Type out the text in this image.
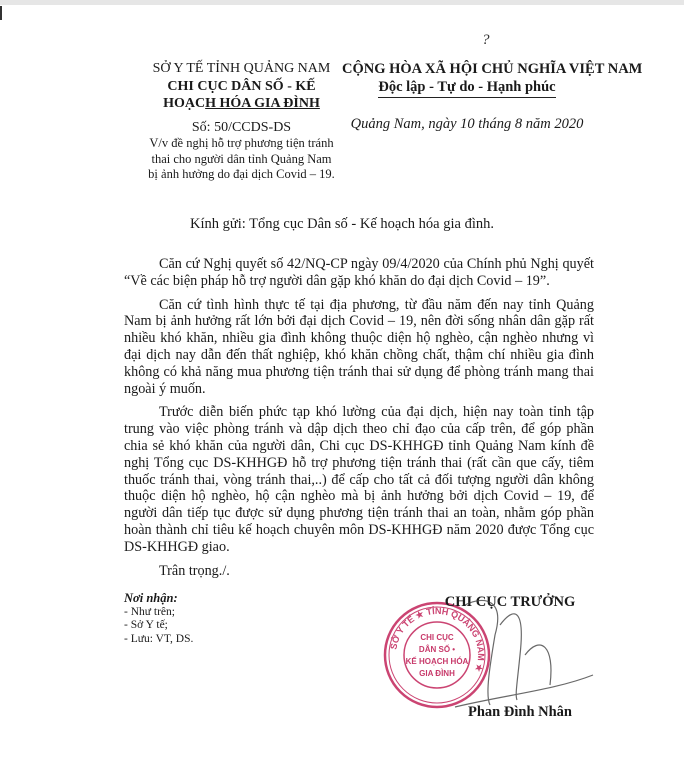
?
SỞ Y TẾ TỈNH QUẢNG NAM
CHI CỤC DÂN SỐ - KẾ
HOẠCH HÓA GIA ĐÌNH
Số: 50/CCDS-DS
V/v đề nghị hỗ trợ phương tiện tránh
thai cho người dân tỉnh Quảng Nam
bị ảnh hưởng do đại dịch Covid – 19.
CỘNG HÒA XÃ HỘI CHỦ NGHĨA VIỆT NAM
Độc lập - Tự do - Hạnh phúc
Quảng Nam, ngày 10 tháng 8 năm 2020
Kính gửi: Tổng cục Dân số - Kế hoạch hóa gia đình.

Căn cứ Nghị quyết số 42/NQ-CP ngày 09/4/2020 của Chính phủ Nghị quyết “Về các biện pháp hỗ trợ người dân gặp khó khăn do đại dịch Covid – 19”.

Căn cứ tình hình thực tế tại địa phương, từ đầu năm đến nay tỉnh Quảng Nam bị ảnh hưởng rất lớn bởi đại dịch Covid – 19, nên đời sống nhân dân gặp rất nhiều khó khăn, nhiều gia đình không thuộc diện hộ nghèo, cận nghèo nhưng vì đại dịch nay dẫn đến thất nghiệp, khó khăn chồng chất, thậm chí nhiều gia đình không có khả năng mua phương tiện tránh thai sử dụng để phòng tránh mang thai ngoài ý muốn.

Trước diễn biến phức tạp khó lường của đại dịch, hiện nay toàn tỉnh tập trung vào việc phòng tránh và dập dịch theo chỉ đạo của cấp trên, để góp phần chia sẻ khó khăn của người dân, Chi cục DS-KHHGĐ tỉnh Quảng Nam kính đề nghị Tổng cục DS-KHHGĐ hỗ trợ phương tiện tránh thai (rất cần que cấy, tiêm thuốc tránh thai, vòng tránh thai,..) để cấp cho tất cả đối tượng người dân không thuộc diện hộ nghèo, hộ cận nghèo mà bị ảnh hưởng bởi dịch Covid – 19, để người dân tiếp tục được sử dụng phương tiện tránh thai an toàn, nhằm góp phần hoàn thành chỉ tiêu kế hoạch chuyên môn DS-KHHGĐ năm 2020 được Tổng cục DS-KHHGĐ giao.

Trân trọng./.

Nơi nhận:
- Như trên;
- Sở Y tế;
- Lưu: VT, DS.
SỞ Y TẾ ★ TỈNH QUẢNG NAM ★
CHI CỤC
DÂN SỐ •
KẾ HOẠCH HÓA
GIA ĐÌNH
CHI CỤC TRƯỞNG
Phan Đình Nhân
